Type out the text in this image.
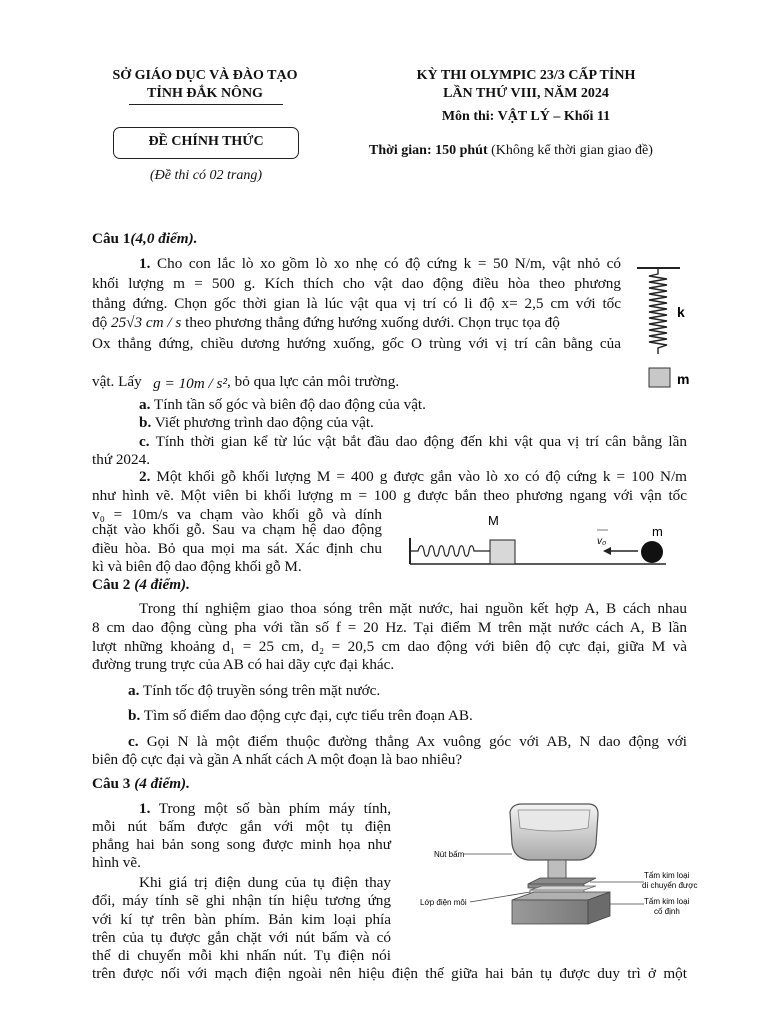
SỞ GIÁO DỤC VÀ ĐÀO TẠO
TỈNH ĐẮK NÔNG
KỲ THI OLYMPIC 23/3 CẤP TỈNH
LẦN THỨ VIII, NĂM 2024
Môn thi: VẬT LÝ – Khối 11
ĐỀ CHÍNH THỨC
(Đề thi có 02 trang)
Thời gian: 150 phút (Không kể thời gian giao đề)
Câu 1(4,0 điểm).
1. Cho con lắc lò xo gồm lò xo nhẹ có độ cứng k = 50 N/m, vật nhỏ có
khối lượng m = 500 g. Kích thích cho vật dao động điều hòa theo phương
thẳng đứng. Chọn gốc thời gian là lúc vật qua vị trí có li độ x= 2,5 cm với tốc
độ 25√3 cm / s theo phương thẳng đứng hướng xuống dưới. Chọn trục tọa độ
Ox thẳng đứng, chiều dương hướng xuống, gốc O trùng với vị trí cân bằng của
vật. Lấy g = 10m / s², bỏ qua lực cản môi trường.
a. Tính tần số góc và biên độ dao động của vật.
b. Viết phương trình dao động của vật.
c. Tính thời gian kể từ lúc vật bắt đầu dao động đến khi vật qua vị trí cân bằng lần
thứ 2024.
2. Một khối gỗ khối lượng M = 400 g được gắn vào lò xo có độ cứng k = 100 N/m
như hình vẽ. Một viên bi khối lượng m = 100 g được bắn theo phương ngang với vận tốc
v₀ = 10m/s va chạm vào khối gỗ và dính
chặt vào khối gỗ. Sau va chạm hệ dao động
điều hòa. Bỏ qua mọi ma sát. Xác định chu
kì và biên độ dao động khối gỗ M.
k
m
M
v₀
m
Câu 2 (4 điểm).
Trong thí nghiệm giao thoa sóng trên mặt nước, hai nguồn kết hợp A, B cách nhau
8 cm dao động cùng pha với tần số f = 20 Hz. Tại điểm M trên mặt nước cách A, B lần
lượt những khoảng d₁ = 25 cm, d₂ = 20,5 cm dao động với biên độ cực đại, giữa M và
đường trung trực của AB có hai dãy cực đại khác.
a. Tính tốc độ truyền sóng trên mặt nước.
b. Tìm số điểm dao động cực đại, cực tiểu trên đoạn AB.
c. Gọi N là một điểm thuộc đường thẳng Ax vuông góc với AB, N dao động với
biên độ cực đại và gần A nhất cách A một đoạn là bao nhiêu?
Câu 3 (4 điểm).
1. Trong một số bàn phím máy tính,
mỗi nút bấm được gắn với một tụ điện
phẳng hai bản song song được minh họa như
hình vẽ.
Khi giá trị điện dung của tụ điện thay
đổi, máy tính sẽ ghi nhận tín hiệu tương ứng
với kí tự trên bàn phím. Bản kim loại phía
trên của tụ được gắn chặt với nút bấm và có
thể di chuyển mỗi khi nhấn nút. Tụ điện nói
trên được nối với mạch điện ngoài nên hiệu điện thế giữa hai bản tụ được duy trì ở một
Nút bấm
Lớp điện môi
Tấm kim loại
di chuyển được
Tấm kim loại
cố định
